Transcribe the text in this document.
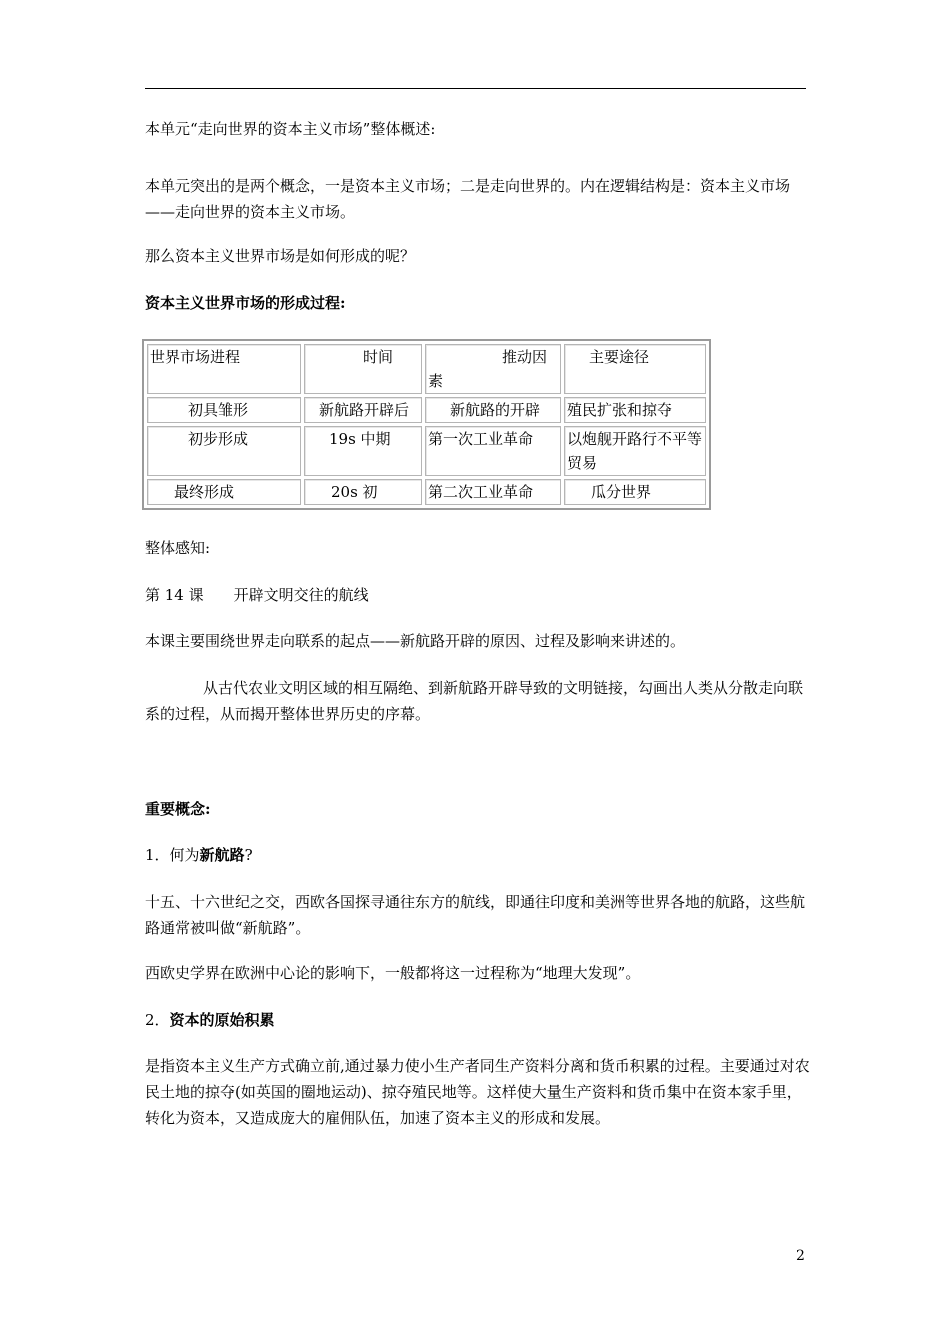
本单元“走向世界的资本主义市场”整体概述:
本单元突出的是两个概念，一是资本主义市场；二是走向世界的。内在逻辑结构是：资本主义市场——走向世界的资本主义市场。
那么资本主义世界市场是如何形成的呢？
资本主义世界市场的形成过程:
世界市场进程	时间	推动因素	主要途径
初具雏形	新航路开辟后	新航路的开辟	殖民扩张和掠夺
初步形成	19s 中期	第一次工业革命	以炮舰开路行不平等贸易
最终形成	20s 初	第二次工业革命	瓜分世界
整体感知:
第 14 课　　开辟文明交往的航线
本课主要围绕世界走向联系的起点——新航路开辟的原因、过程及影响来讲述的。
从古代农业文明区域的相互隔绝、到新航路开辟导致的文明链接，勾画出人类从分散走向联系的过程，从而揭开整体世界历史的序幕。
重要概念:
1．何为新航路?
十五、十六世纪之交，西欧各国探寻通往东方的航线，即通往印度和美洲等世界各地的航路，这些航路通常被叫做“新航路”。
西欧史学界在欧洲中心论的影响下，一般都将这一过程称为“地理大发现”。
2．资本的原始积累
是指资本主义生产方式确立前,通过暴力使小生产者同生产资料分离和货币积累的过程。主要通过对农民土地的掠夺(如英国的圈地运动)、掠夺殖民地等。这样使大量生产资料和货币集中在资本家手里，转化为资本，又造成庞大的雇佣队伍，加速了资本主义的形成和发展。
2
